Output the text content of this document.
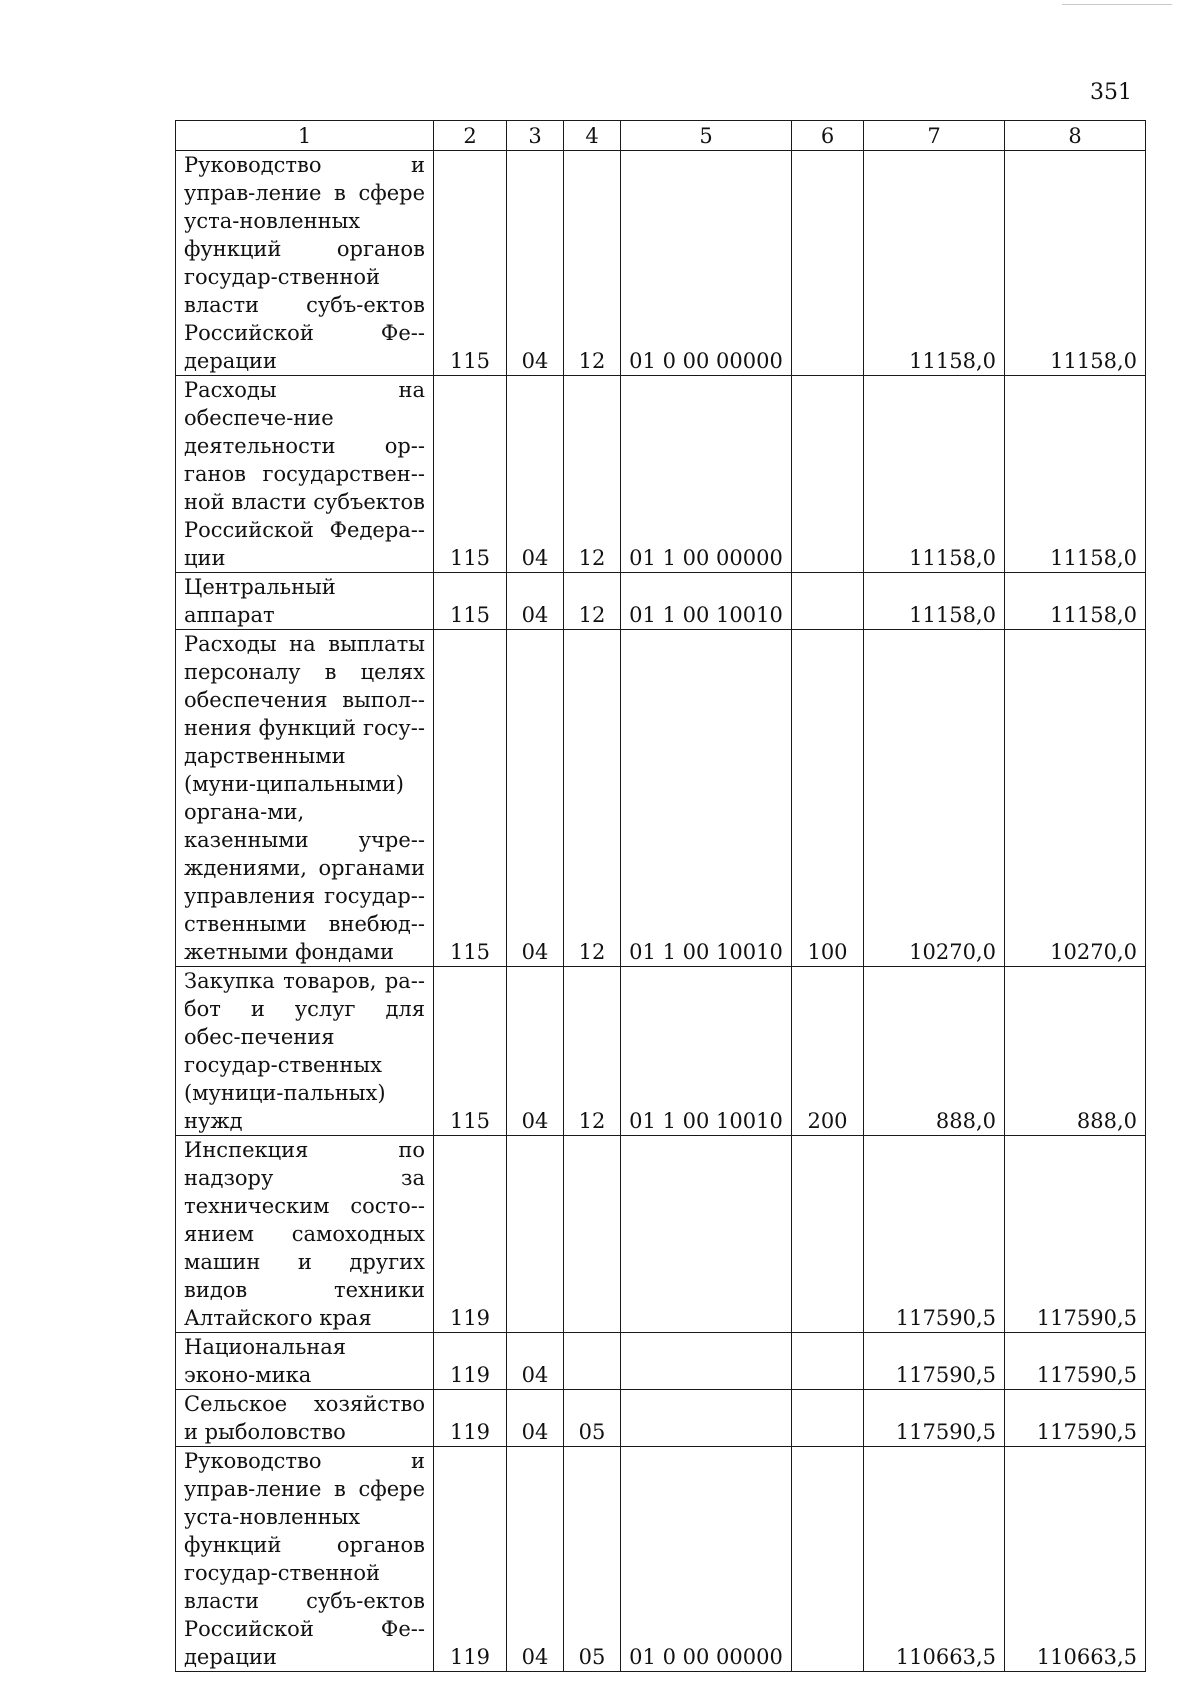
351
1	2	3	4	5	6	7	8
Руководство и управ-ление в сфере уста-новленных функций органов государ-ственной власти субъ-ектов Российской Фе-дерации	115	04	12	01 0 00 00000		11158,0	11158,0
Расходы на обеспече-ние деятельности ор-ганов государствен-ной власти субъектов Российской Федера-ции	115	04	12	01 1 00 00000		11158,0	11158,0
Центральный аппарат	115	04	12	01 1 00 10010		11158,0	11158,0
Расходы на выплаты персоналу в целях обеспечения выпол-нения функций госу-дарственными (муни-ципальными) органа-ми, казенными учре-ждениями, органами управления государ-ственными внебюд-жетными фондами	115	04	12	01 1 00 10010	100	10270,0	10270,0
Закупка товаров, ра-бот и услуг для обес-печения государ-ственных (муници-пальных) нужд	115	04	12	01 1 00 10010	200	888,0	888,0
Инспекция по надзору за техническим состо-янием самоходных машин и других видов техники Алтайского края	119					117590,5	117590,5
Национальная эконо-мика	119	04				117590,5	117590,5
Сельское хозяйство и рыболовство	119	04	05			117590,5	117590,5
Руководство и управ-ление в сфере уста-новленных функций органов государ-ственной власти субъ-ектов Российской Фе-дерации	119	04	05	01 0 00 00000		110663,5	110663,5
